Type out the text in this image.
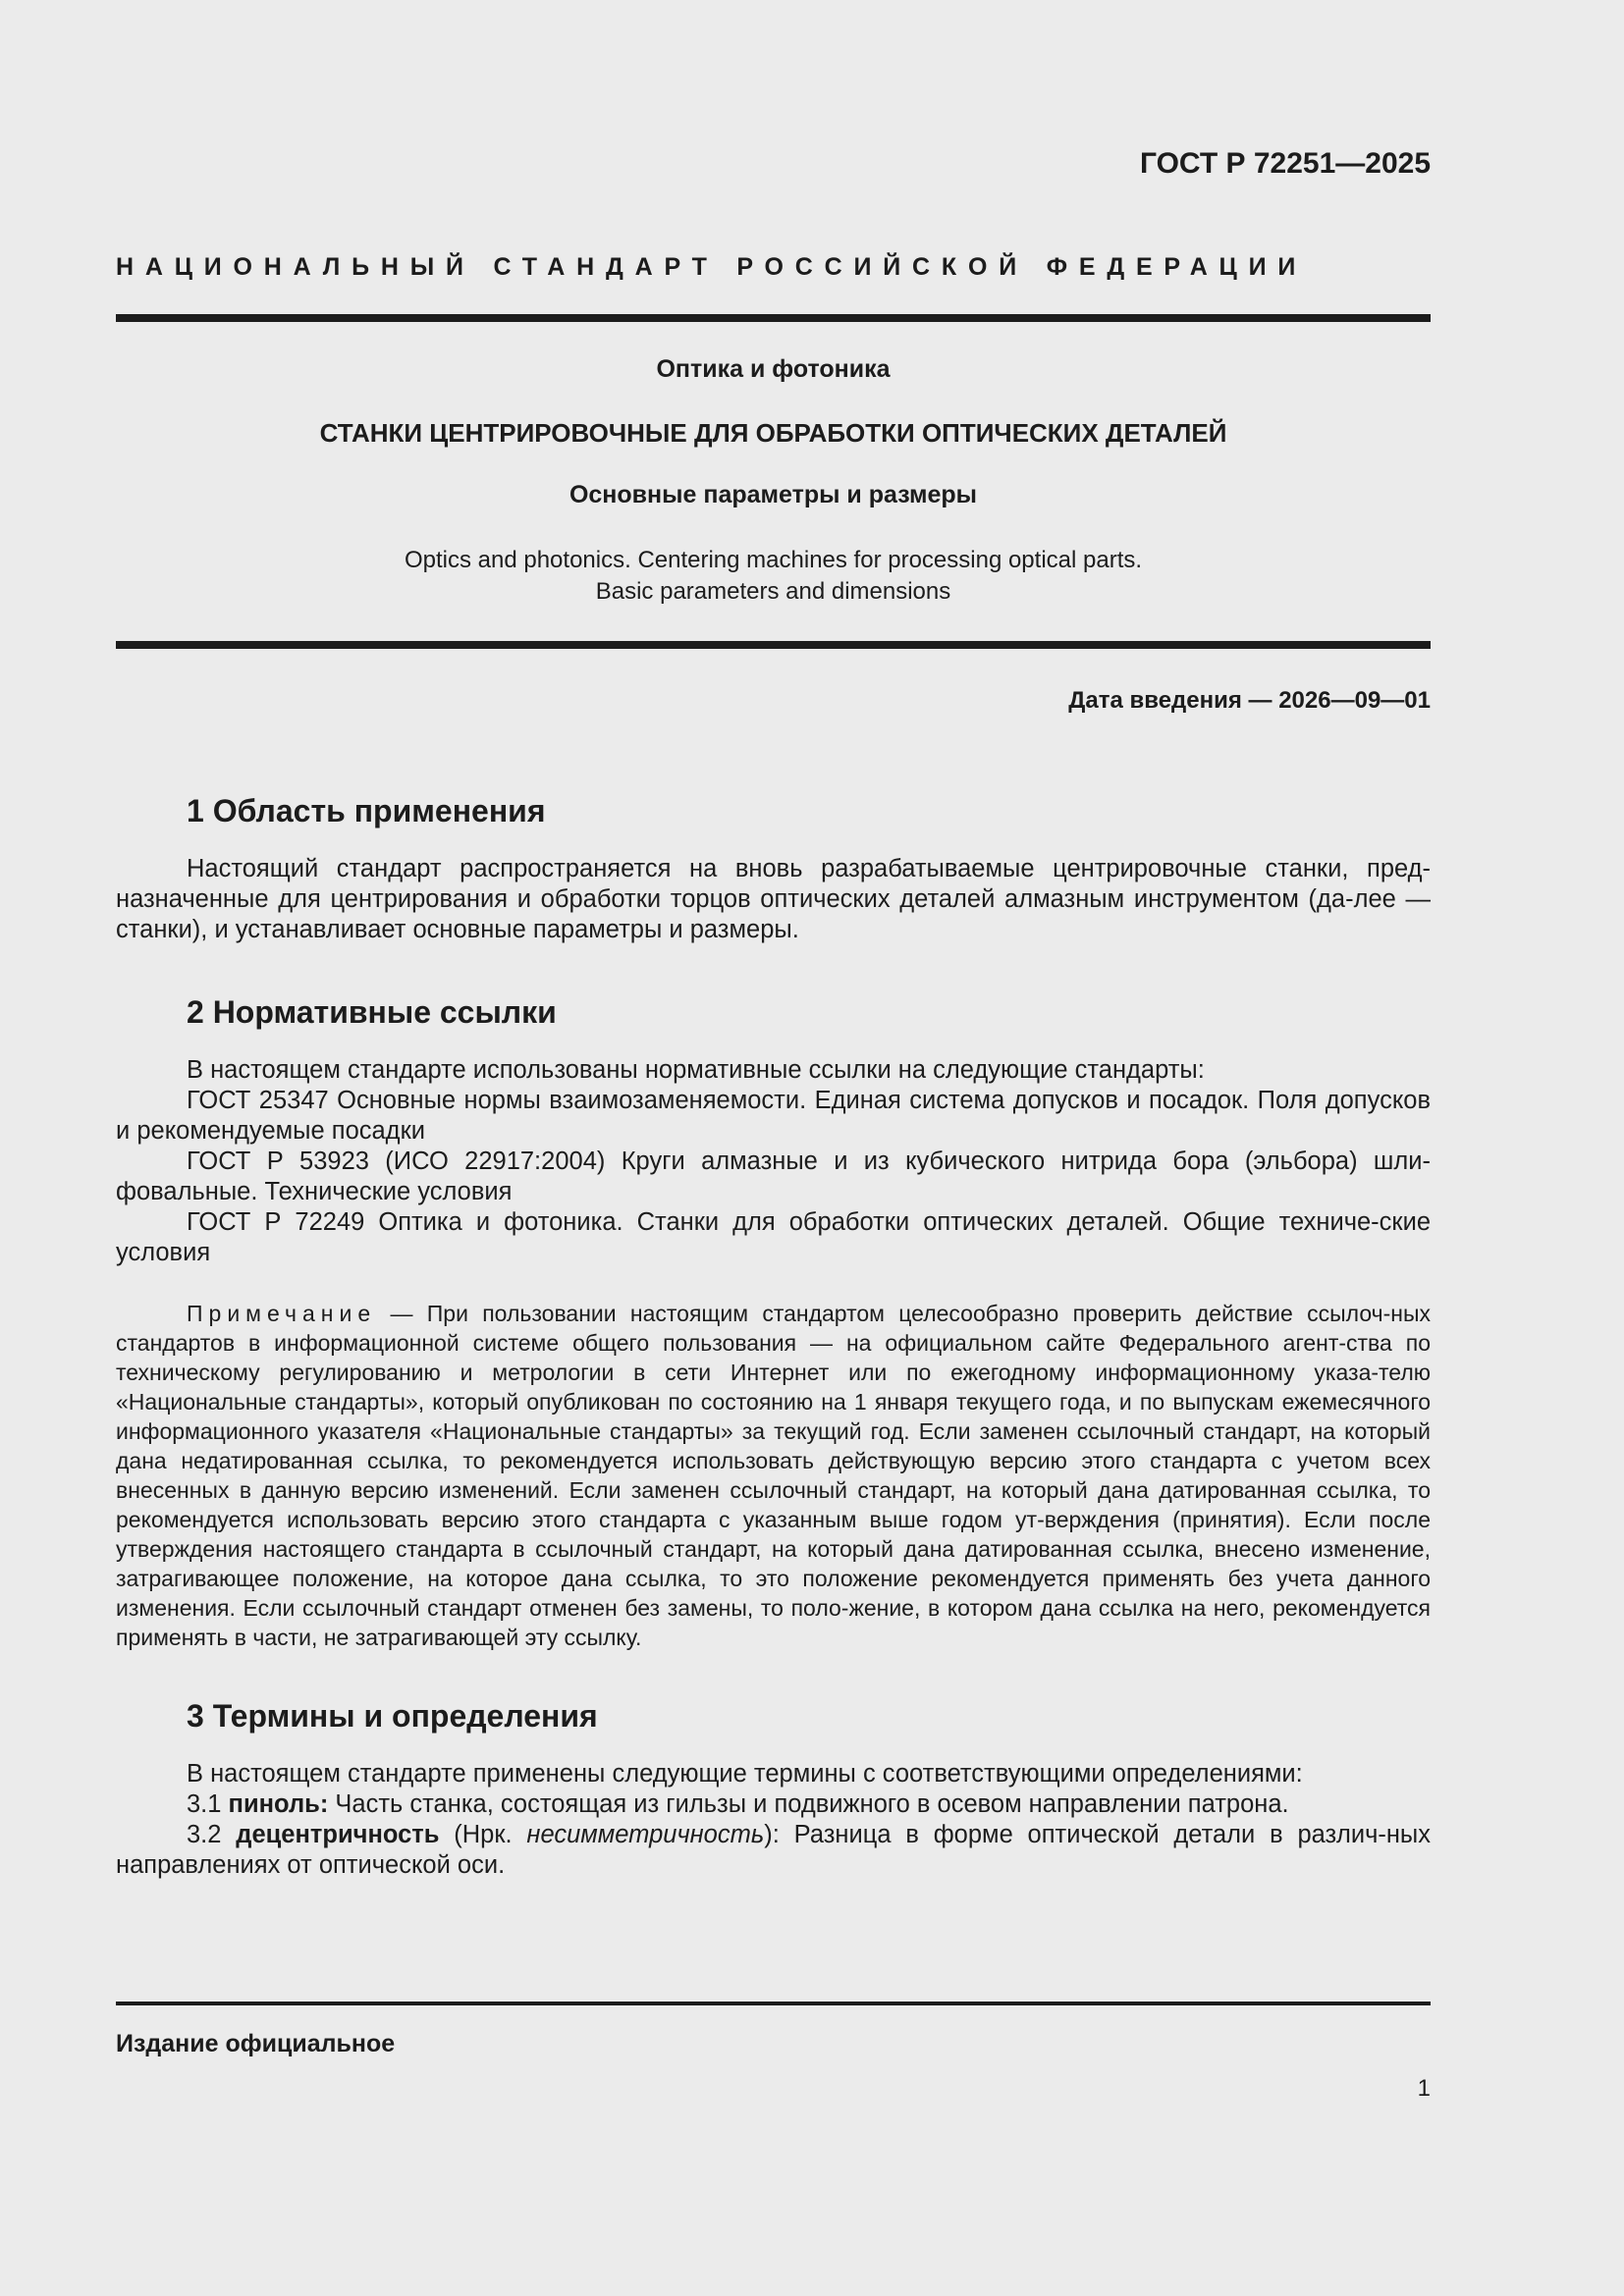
ГОСТ Р 72251—2025
НАЦИОНАЛЬНЫЙ СТАНДАРТ РОССИЙСКОЙ ФЕДЕРАЦИИ
Оптика и фотоника
СТАНКИ ЦЕНТРИРОВОЧНЫЕ ДЛЯ ОБРАБОТКИ ОПТИЧЕСКИХ ДЕТАЛЕЙ
Основные параметры и размеры
Optics and photonics. Centering machines for processing optical parts.
Basic parameters and dimensions
Дата введения — 2026—09—01
1 Область применения

Настоящий стандарт распространяется на вновь разрабатываемые центрировочные станки, пред-назначенные для центрирования и обработки торцов оптических деталей алмазным инструментом (да-лее — станки), и устанавливает основные параметры и размеры.

2 Нормативные ссылки

В настоящем стандарте использованы нормативные ссылки на следующие стандарты:

ГОСТ 25347 Основные нормы взаимозаменяемости. Единая система допусков и посадок. Поля допусков и рекомендуемые посадки

ГОСТ Р 53923 (ИСО 22917:2004) Круги алмазные и из кубического нитрида бора (эльбора) шли-фовальные. Технические условия

ГОСТ Р 72249 Оптика и фотоника. Станки для обработки оптических деталей. Общие техниче-ские условия

Примечание — При пользовании настоящим стандартом целесообразно проверить действие ссылоч-ных стандартов в информационной системе общего пользования — на официальном сайте Федерального агент-ства по техническому регулированию и метрологии в сети Интернет или по ежегодному информационному указа-телю «Национальные стандарты», который опубликован по состоянию на 1 января текущего года, и по выпускам ежемесячного информационного указателя «Национальные стандарты» за текущий год. Если заменен ссылочный стандарт, на который дана недатированная ссылка, то рекомендуется использовать действующую версию этого стандарта с учетом всех внесенных в данную версию изменений. Если заменен ссылочный стандарт, на который дана датированная ссылка, то рекомендуется использовать версию этого стандарта с указанным выше годом ут-верждения (принятия). Если после утверждения настоящего стандарта в ссылочный стандарт, на который дана датированная ссылка, внесено изменение, затрагивающее положение, на которое дана ссылка, то это положение рекомендуется применять без учета данного изменения. Если ссылочный стандарт отменен без замены, то поло-жение, в котором дана ссылка на него, рекомендуется применять в части, не затрагивающей эту ссылку.

3 Термины и определения

В настоящем стандарте применены следующие термины с соответствующими определениями:

3.1 пиноль: Часть станка, состоящая из гильзы и подвижного в осевом направлении патрона.

3.2 децентричность (Нрк. несимметричность): Разница в форме оптической детали в различ-ных направлениях от оптической оси.

Издание официальное
1
